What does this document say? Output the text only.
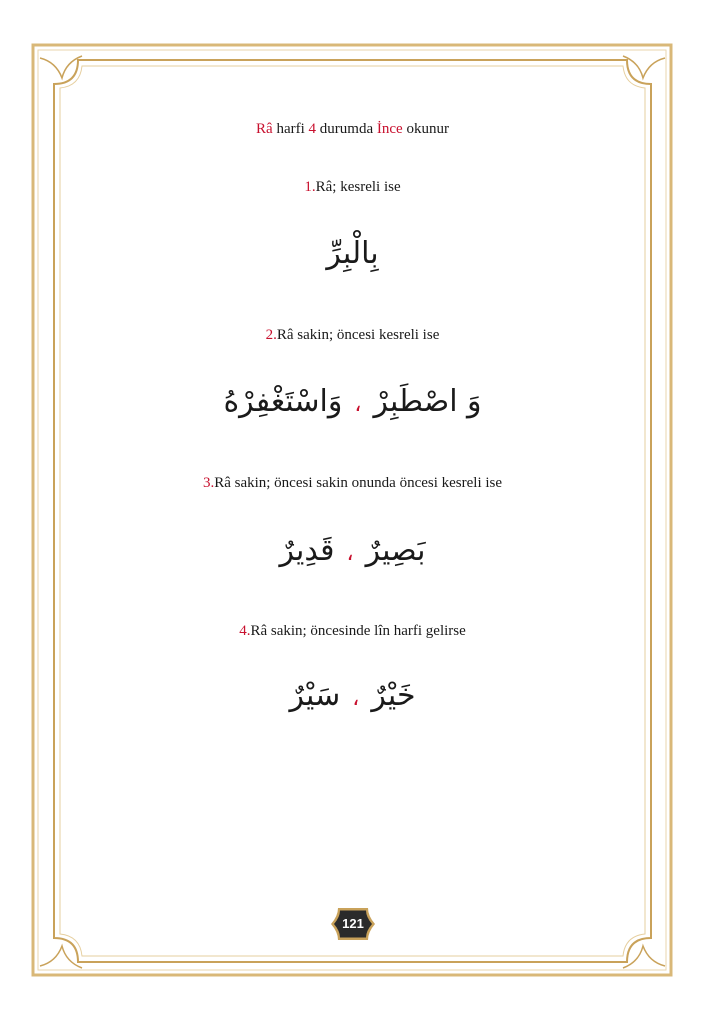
Râ harfi 4 durumda İnce okunur
1.Râ; kesreli ise
بِالْبِرِّ
2.Râ sakin; öncesi kesreli ise
وَ اصْطَبِرْ،وَاسْتَغْفِرْهُ
3.Râ sakin; öncesi sakin onunda öncesi kesreli ise
بَصِيرٌ،قَدِيرٌ
4.Râ sakin; öncesinde lîn harfi gelirse
خَيْرٌ،سَيْرٌ
121
